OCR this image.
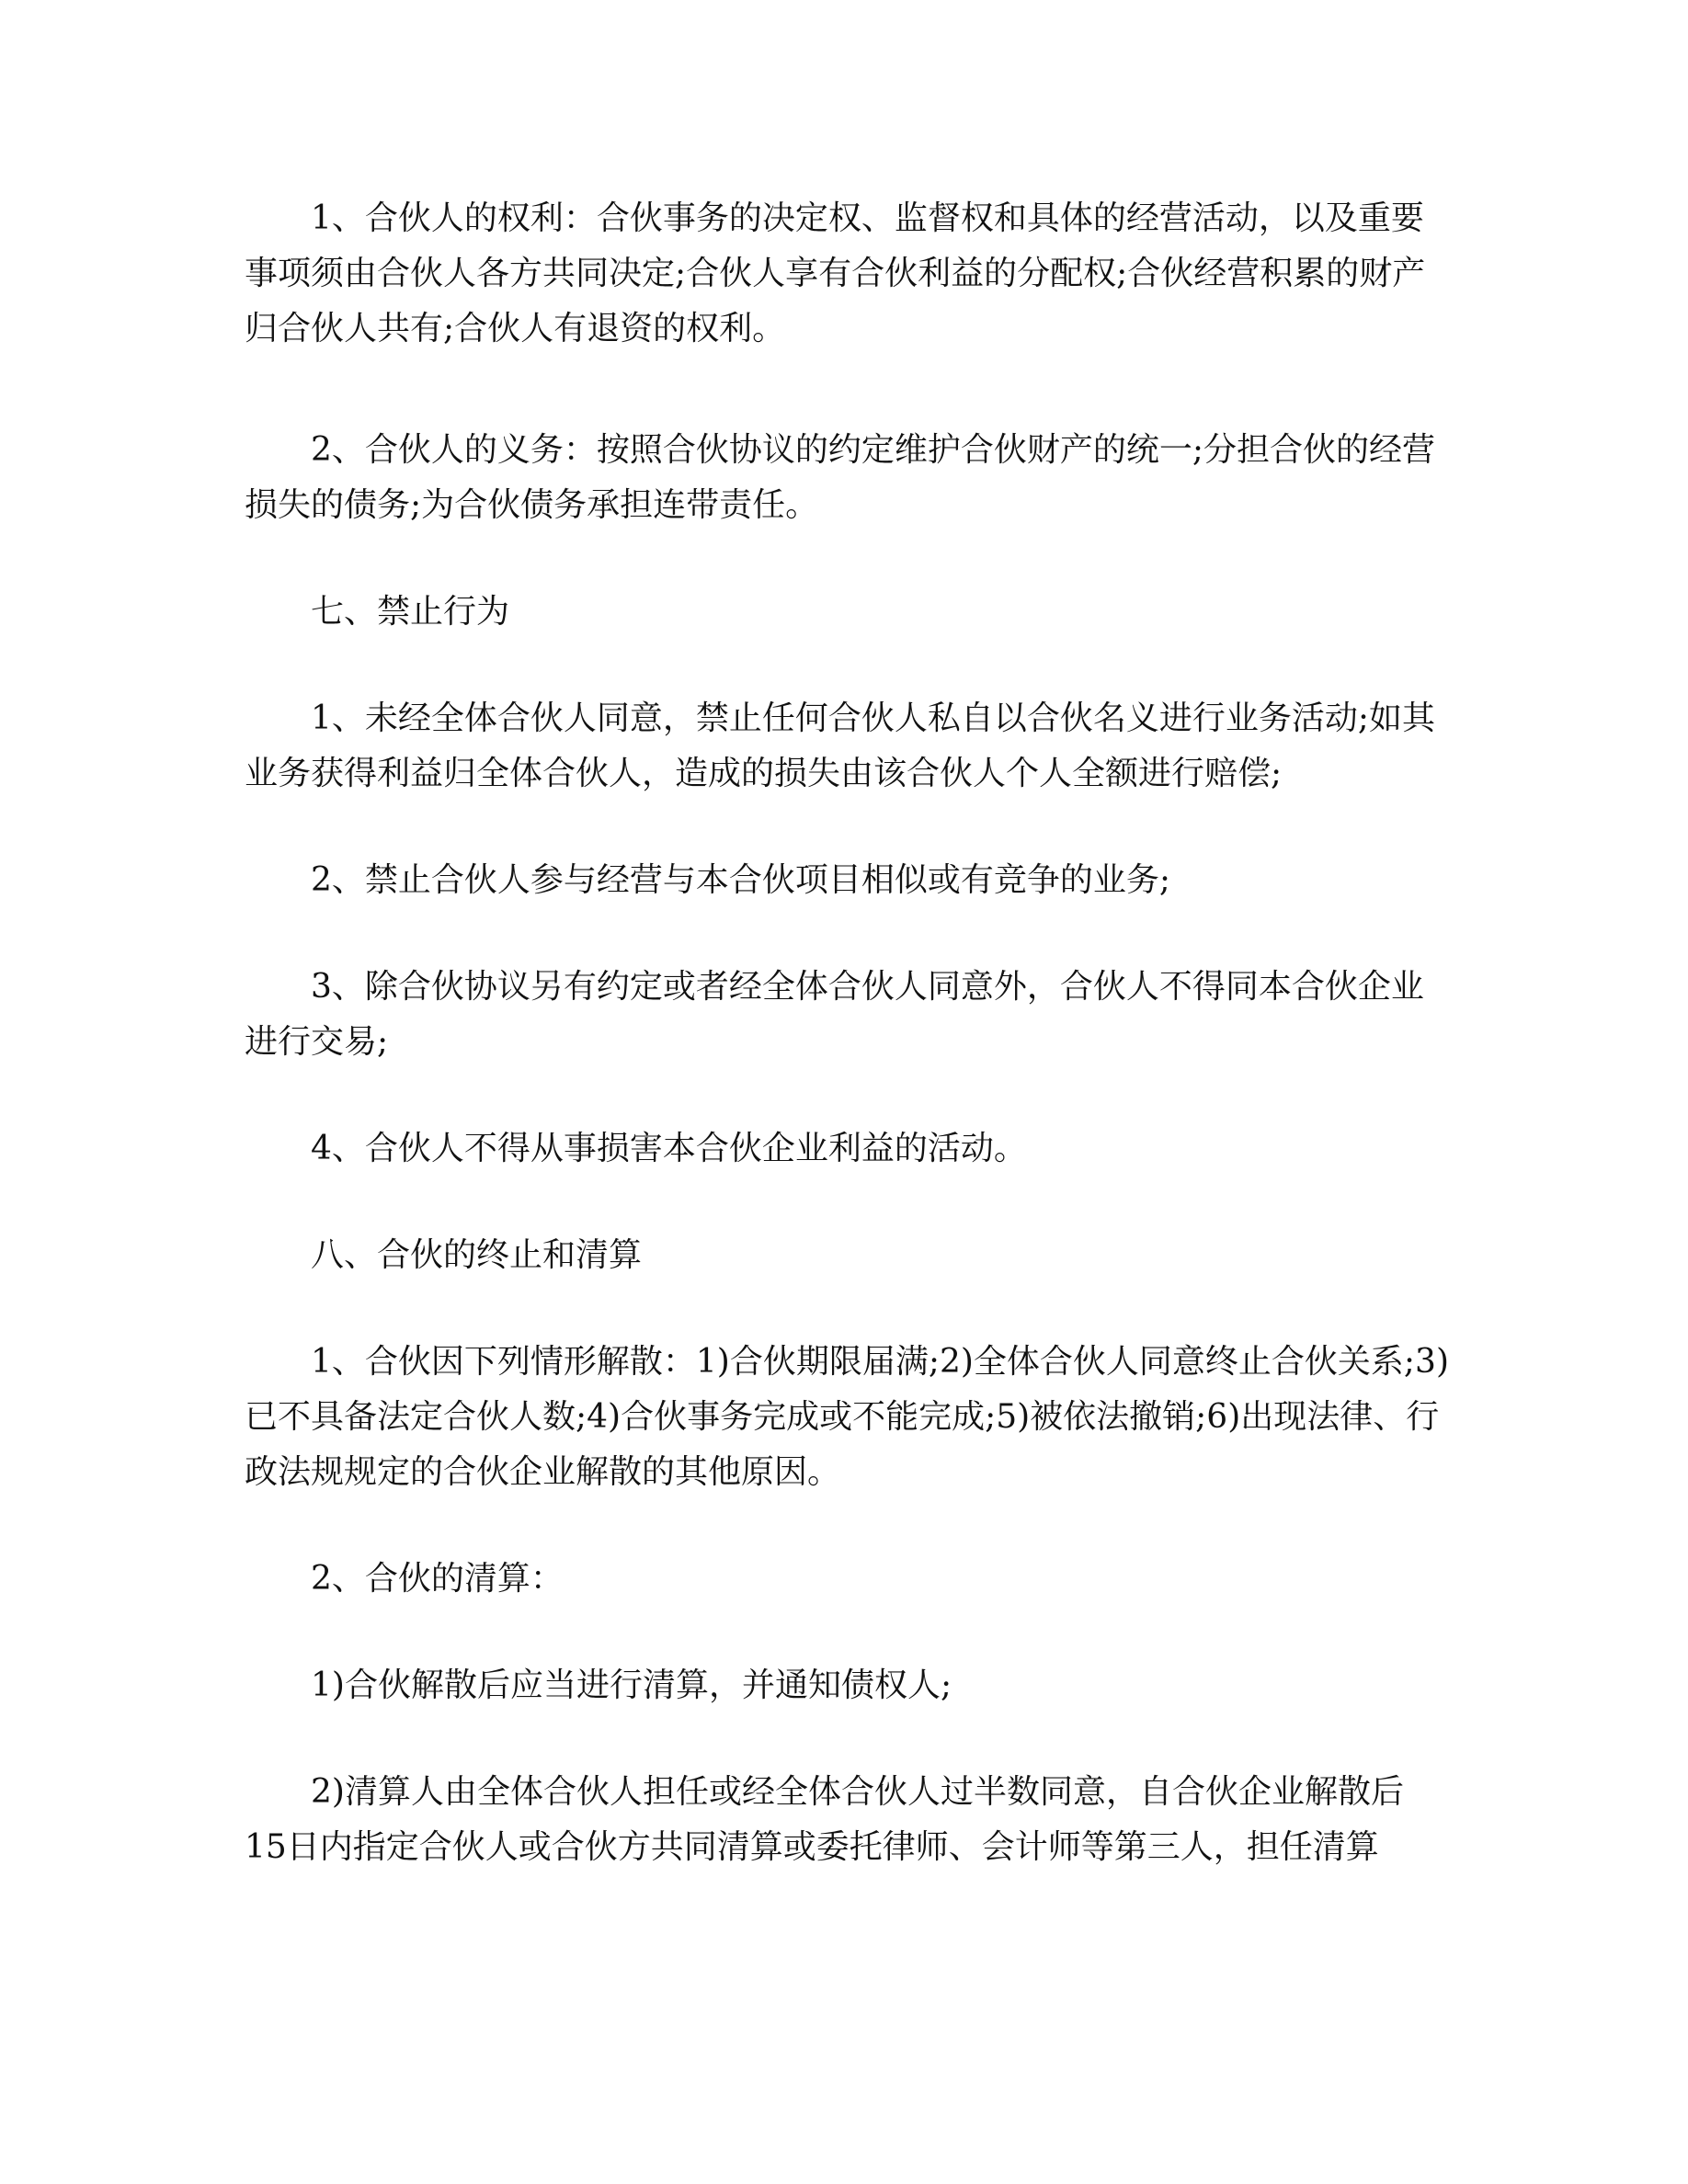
1、合伙人的权利：合伙事务的决定权、监督权和具体的经营活动，以及重要
事项须由合伙人各方共同决定;合伙人享有合伙利益的分配权;合伙经营积累的财产
归合伙人共有;合伙人有退资的权利。
2、合伙人的义务：按照合伙协议的约定维护合伙财产的统一;分担合伙的经营
损失的债务;为合伙债务承担连带责任。
七、禁止行为
1、未经全体合伙人同意，禁止任何合伙人私自以合伙名义进行业务活动;如其
业务获得利益归全体合伙人，造成的损失由该合伙人个人全额进行赔偿;
2、禁止合伙人参与经营与本合伙项目相似或有竞争的业务;
3、除合伙协议另有约定或者经全体合伙人同意外，合伙人不得同本合伙企业
进行交易;
4、合伙人不得从事损害本合伙企业利益的活动。
八、合伙的终止和清算
1、合伙因下列情形解散：1)合伙期限届满;2)全体合伙人同意终止合伙关系;3)
已不具备法定合伙人数;4)合伙事务完成或不能完成;5)被依法撤销;6)出现法律、行
政法规规定的合伙企业解散的其他原因。
2、合伙的清算：
1)合伙解散后应当进行清算，并通知债权人;
2)清算人由全体合伙人担任或经全体合伙人过半数同意，自合伙企业解散后
15日内指定合伙人或合伙方共同清算或委托律师、会计师等第三人，担任清算
